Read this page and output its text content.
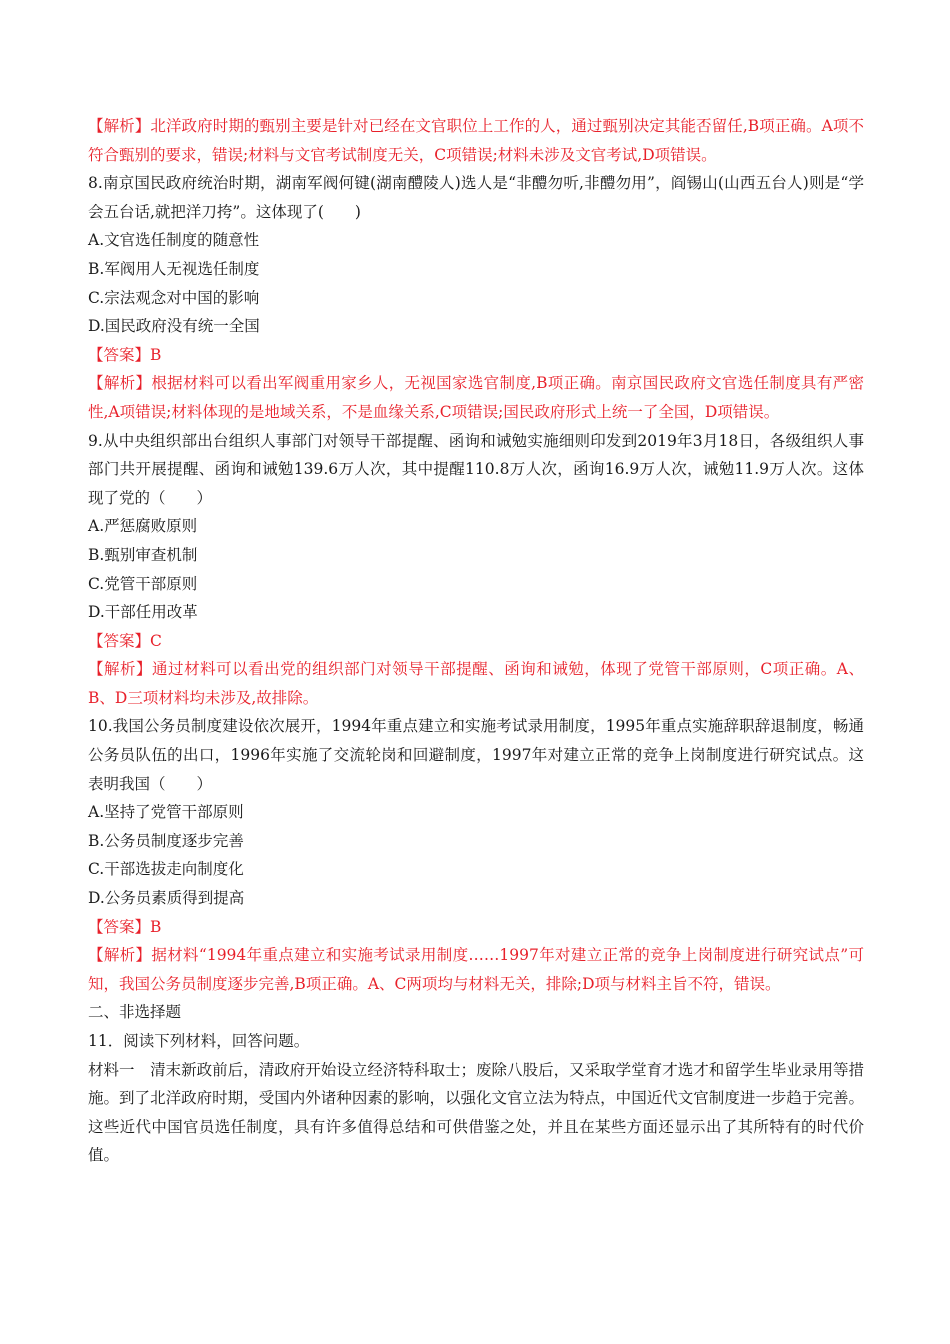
【解析】北洋政府时期的甄别主要是针对已经在文官职位上工作的人，通过甄别决定其能否留任,B项正确。A项不符合甄别的要求，错误;材料与文官考试制度无关，C项错误;材料未涉及文官考试,D项错误。

8.南京国民政府统治时期，湖南军阀何键(湖南醴陵人)选人是“非醴勿听,非醴勿用”，阎锡山(山西五台人)则是“学会五台话,就把洋刀挎”。这体现了(　　)

A.文官选任制度的随意性

B.军阀用人无视选任制度

C.宗法观念对中国的影响

D.国民政府没有统一全国

【答案】B

【解析】根据材料可以看出军阀重用家乡人，无视国家选官制度,B项正确。南京国民政府文官选任制度具有严密性,A项错误;材料体现的是地域关系，不是血缘关系,C项错误;国民政府形式上统一了全国，D项错误。

9.从中央组织部出台组织人事部门对领导干部提醒、函询和诫勉实施细则印发到2019年3月18日，各级组织人事部门共开展提醒、函询和诫勉139.6万人次，其中提醒110.8万人次，函询16.9万人次，诫勉11.9万人次。这体现了党的（　　）

A.严惩腐败原则

B.甄别审查机制

C.党管干部原则

D.干部任用改革

【答案】C

【解析】通过材料可以看出党的组织部门对领导干部提醒、函询和诫勉，体现了党管干部原则，C项正确。A、B、D三项材料均未涉及,故排除。

10.我国公务员制度建设依次展开，1994年重点建立和实施考试录用制度，1995年重点实施辞职辞退制度，畅通公务员队伍的出口，1996年实施了交流轮岗和回避制度，1997年对建立正常的竞争上岗制度进行研究试点。这表明我国（　　）

A.坚持了党管干部原则

B.公务员制度逐步完善

C.干部选拔走向制度化

D.公务员素质得到提高

【答案】B

【解析】据材料“1994年重点建立和实施考试录用制度……1997年对建立正常的竞争上岗制度进行研究试点”可知，我国公务员制度逐步完善,B项正确。A、C两项均与材料无关，排除;D项与材料主旨不符，错误。

二、非选择题

11．阅读下列材料，回答问题。

材料一　清末新政前后，清政府开始设立经济特科取士；废除八股后，又采取学堂育才选才和留学生毕业录用等措施。到了北洋政府时期，受国内外诸种因素的影响，以强化文官立法为特点，中国近代文官制度进一步趋于完善。这些近代中国官员选任制度，具有许多值得总结和可供借鉴之处，并且在某些方面还显示出了其所特有的时代价值。
